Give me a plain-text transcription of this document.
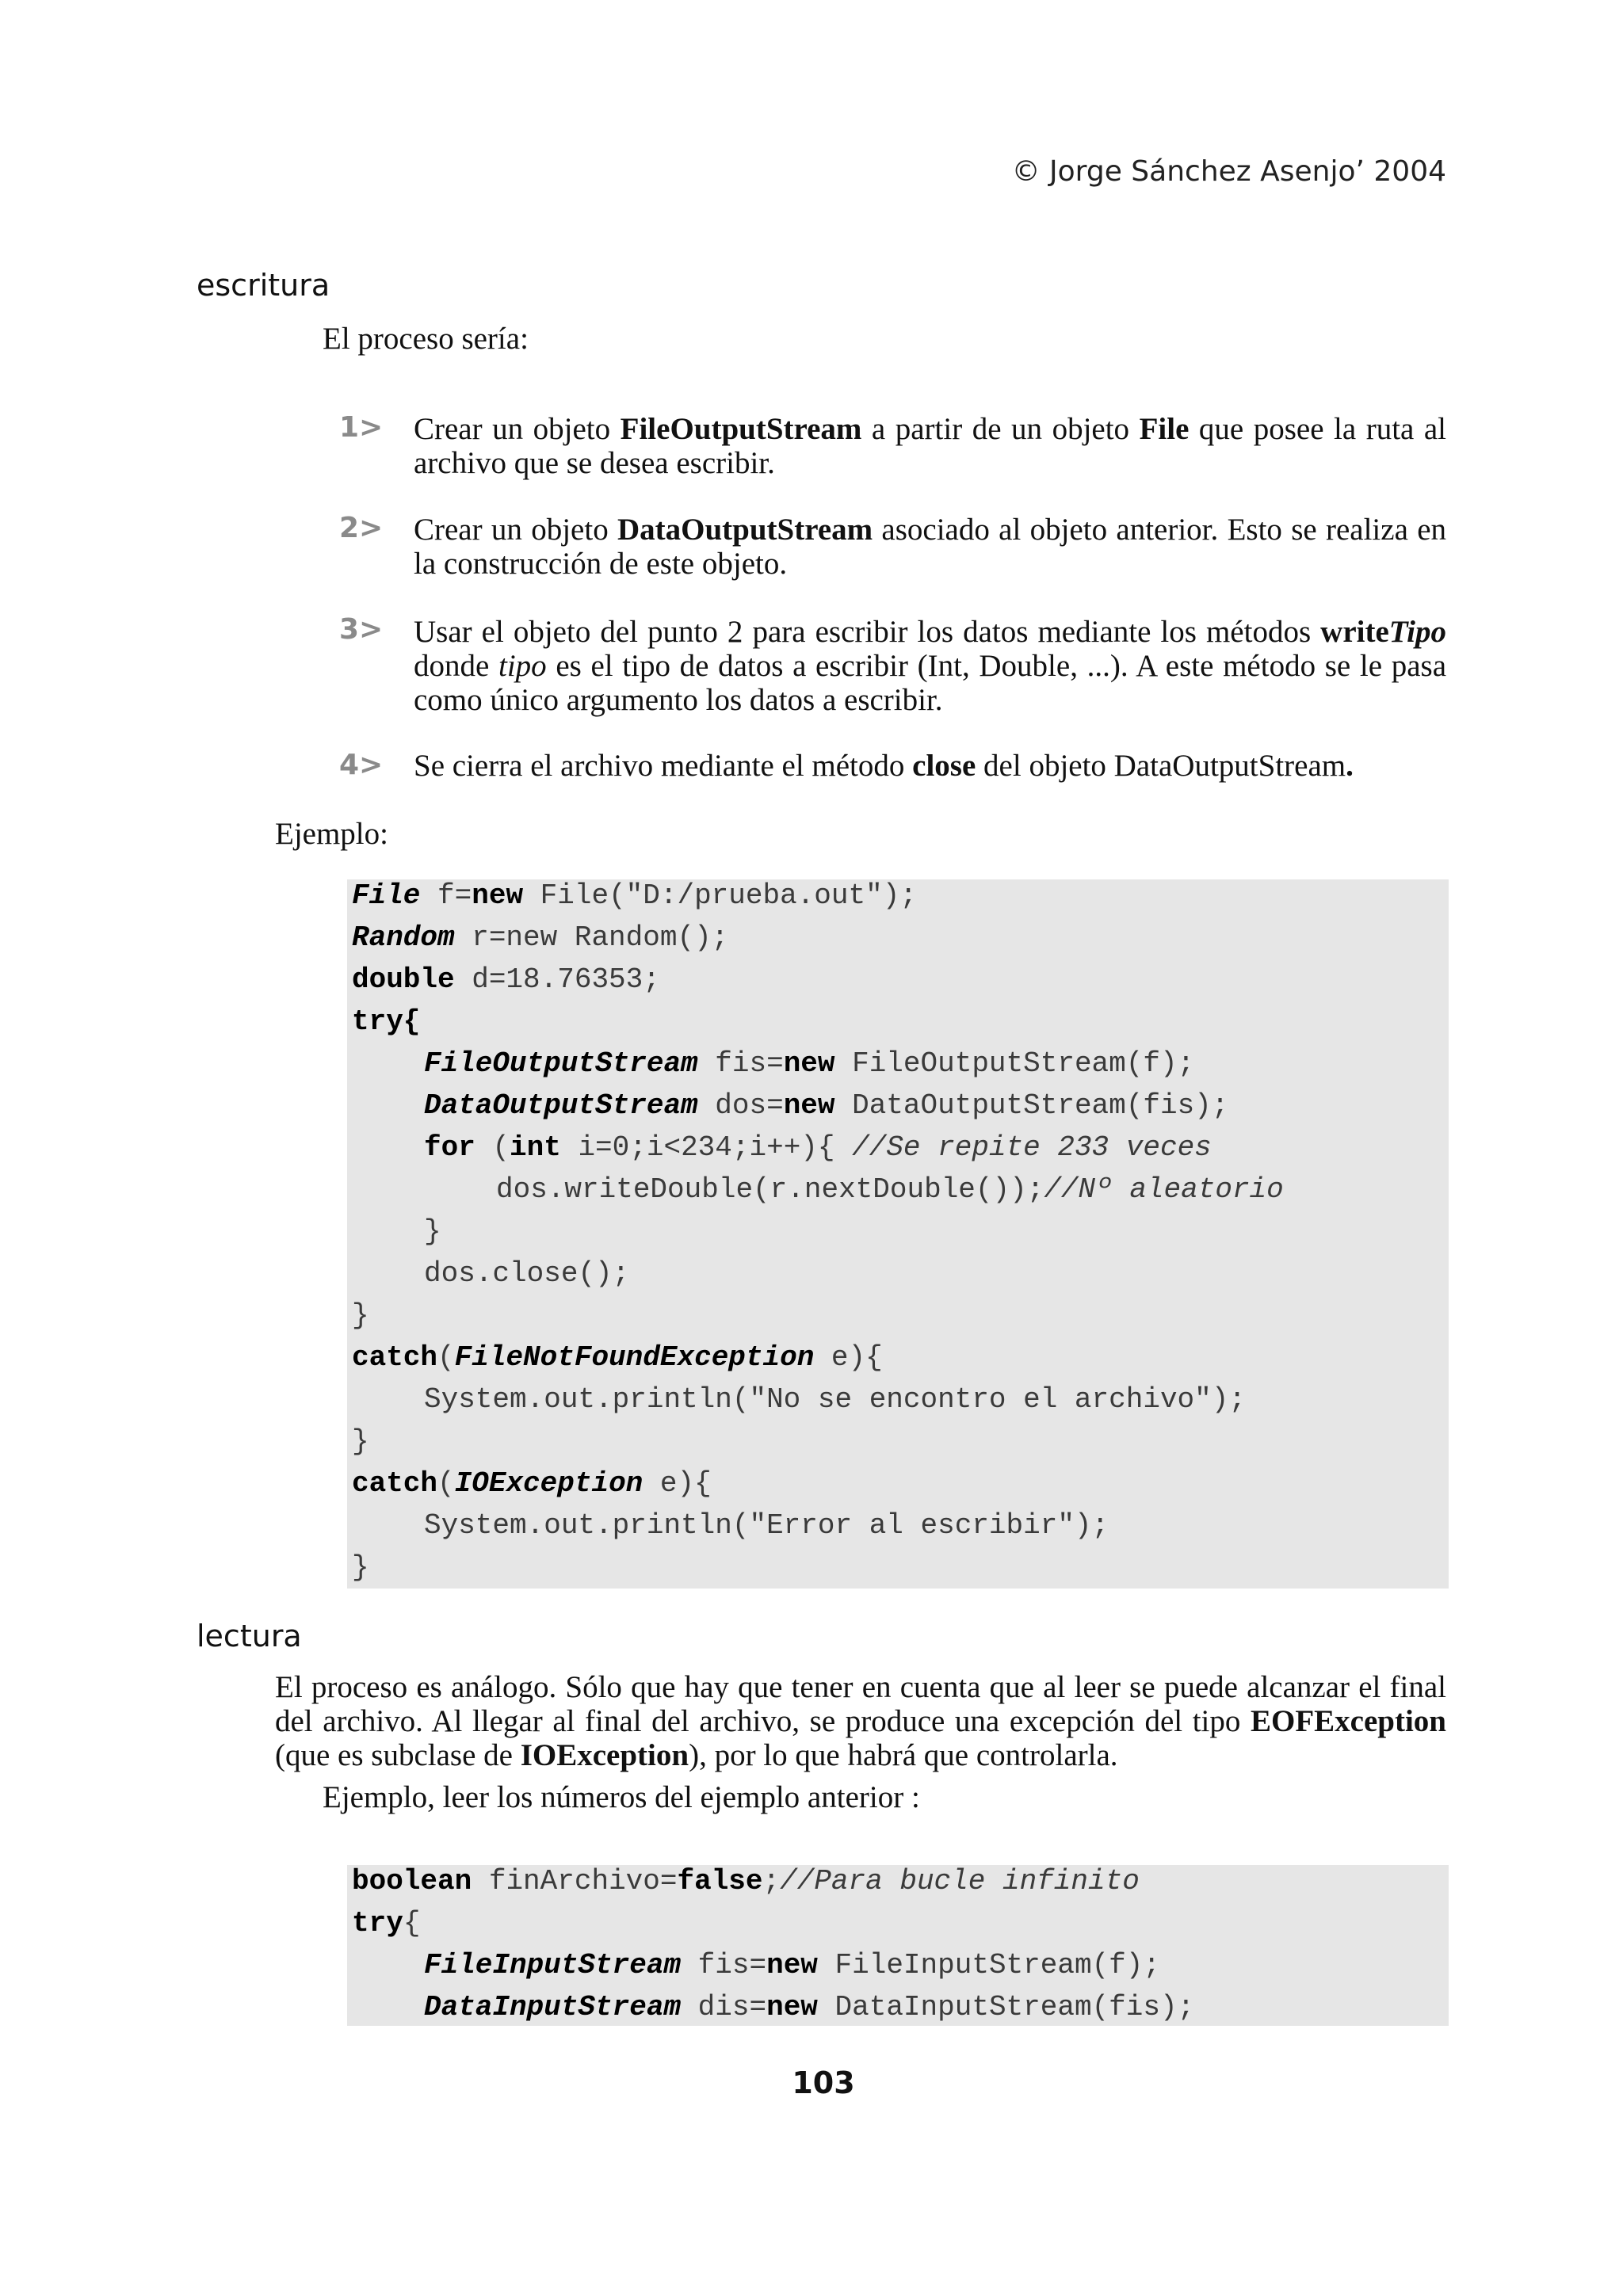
© Jorge Sánchez Asenjo’ 2004
escritura
El proceso sería:
1> Crear un objeto FileOutputStream a partir de un objeto File que posee la ruta al archivo que se desea escribir.
2> Crear un objeto DataOutputStream asociado al objeto anterior. Esto se realiza en la construcción de este objeto.
3> Usar el objeto del punto 2 para escribir los datos mediante los métodos writeTipo donde tipo es el tipo de datos a escribir (Int, Double, ...). A este método se le pasa como único argumento los datos a escribir.
4> Se cierra el archivo mediante el método close del objeto DataOutputStream.
Ejemplo:
File f=new File("D:/prueba.out");
Random r=new Random();
double d=18.76353;
try{
FileOutputStream fis=new FileOutputStream(f);
DataOutputStream dos=new DataOutputStream(fis);
for (int i=0;i<234;i++){ //Se repite 233 veces
dos.writeDouble(r.nextDouble());//Nº aleatorio
}
dos.close();
}
catch(FileNotFoundException e){
System.out.println("No se encontro el archivo");
}
catch(IOException e){
System.out.println("Error al escribir");
}
lectura
El proceso es análogo. Sólo que hay que tener en cuenta que al leer se puede alcanzar el final del archivo. Al llegar al final del archivo, se produce una excepción del tipo EOFException (que es subclase de IOException), por lo que habrá que controlarla.
Ejemplo, leer los números del ejemplo anterior :
boolean finArchivo=false;//Para bucle infinito
try{
FileInputStream fis=new FileInputStream(f);
DataInputStream dis=new DataInputStream(fis);
103
